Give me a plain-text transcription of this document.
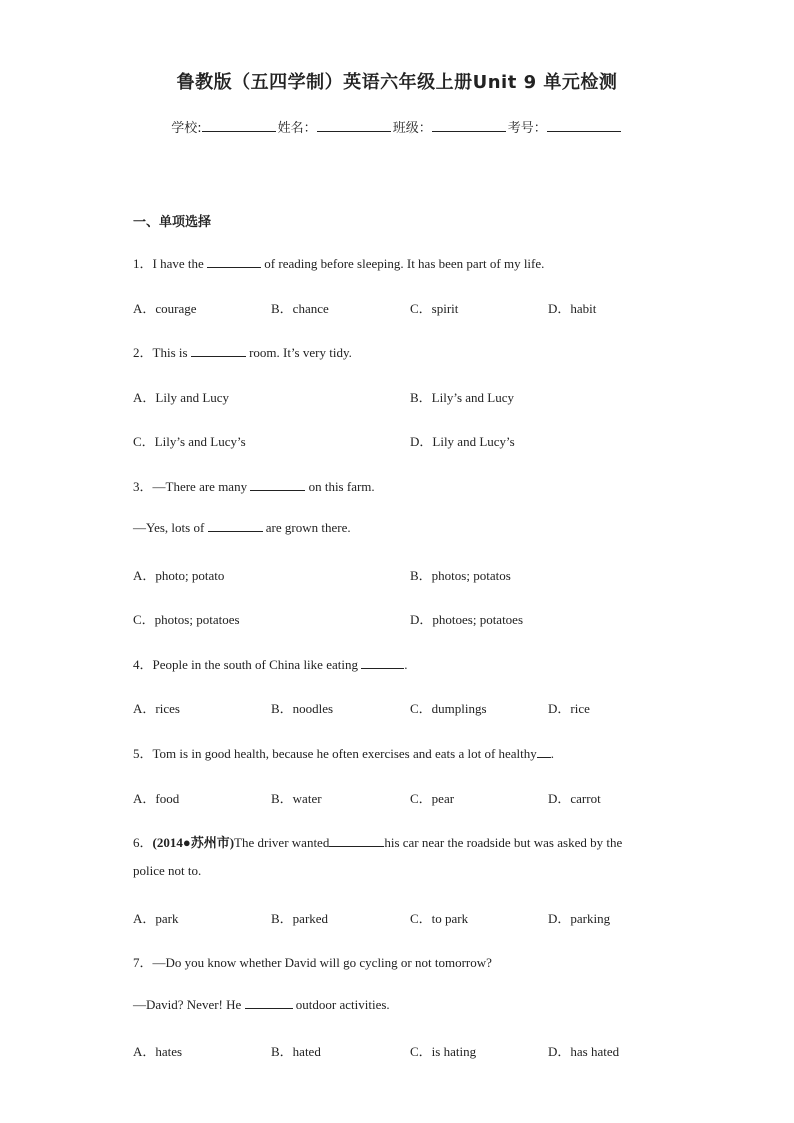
鲁教版（五四学制）英语六年级上册Unit 9 单元检测
学校:	姓名：	班级：	考号：
一、单项选择
1．I have the	of reading before sleeping. It has been part of my life.
A．courage	B．chance	C．spirit	D．habit
2．This is	room. It’s very tidy.
A．Lily and Lucy	B．Lily’s and Lucy
C．Lily’s and Lucy’s	D．Lily and Lucy’s
3．—There are many	on this farm.
—Yes, lots of	are grown there.
A．photo; potato	B．photos; potatos
C．photos; potatoes	D．photoes; potatoes
4．People in the south of China like eating	.
A．rices	B．noodles	C．dumplings	D．rice
5．Tom is in good health, because he often exercises and eats a lot of healthy .
A．food	B．water	C．pear	D．carrot
6．(2014●苏州市)The driver wanted	his car near the roadside but was asked by the
police not to.
A．park	B．parked	C．to park	D．parking
7．—Do you know whether David will go cycling or not tomorrow?
—David? Never! He	outdoor activities.
A．hates	B．hated	C．is hating	D．has hated
